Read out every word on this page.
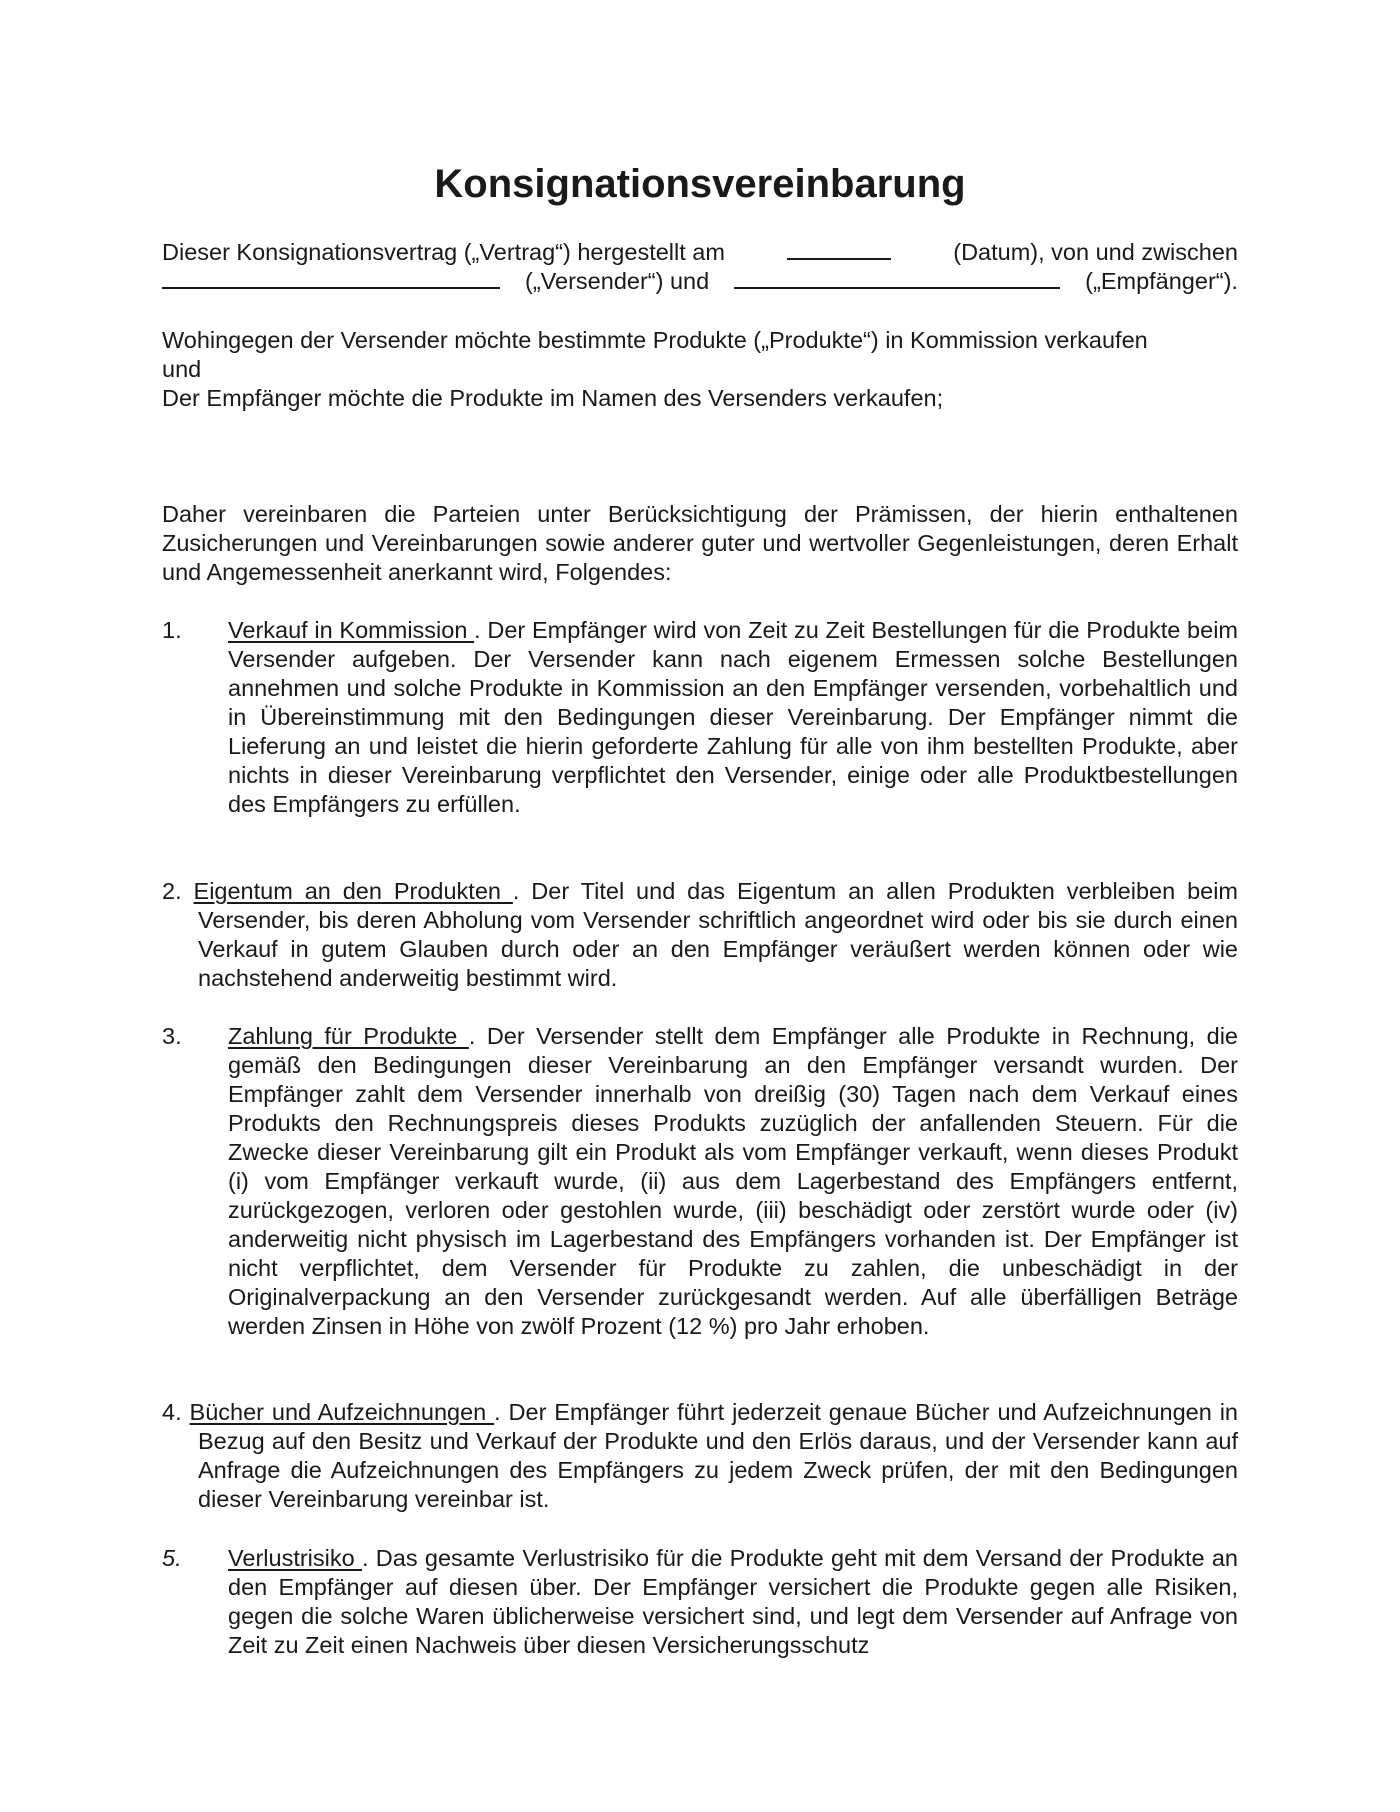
Konsignationsvereinbarung
Dieser Konsignationsvertrag („Vertrag“) hergestellt am	(Datum), von und zwischen
(„Versender“) und	(„Empfänger“).
Wohingegen der Versender möchte bestimmte Produkte („Produkte“) in Kommission verkaufen
und
Der Empfänger möchte die Produkte im Namen des Versenders verkaufen;

Daher vereinbaren die Parteien unter Berücksichtigung der Prämissen, der hierin enthaltenen Zusicherungen und Vereinbarungen sowie anderer guter und wertvoller Gegenleistungen, deren Erhalt und Angemessenheit anerkannt wird, Folgendes:

1. Verkauf in Kommission . Der Empfänger wird von Zeit zu Zeit Bestellungen für die Produkte beim Versender aufgeben. Der Versender kann nach eigenem Ermessen solche Bestellungen annehmen und solche Produkte in Kommission an den Empfänger versenden, vorbehaltlich und in Übereinstimmung mit den Bedingungen dieser Vereinbarung. Der Empfänger nimmt die Lieferung an und leistet die hierin geforderte Zahlung für alle von ihm bestellten Produkte, aber nichts in dieser Vereinbarung verpflichtet den Versender, einige oder alle Produktbestellungen des Empfängers zu erfüllen.
2. Eigentum an den Produkten . Der Titel und das Eigentum an allen Produkten verbleiben beim Versender, bis deren Abholung vom Versender schriftlich angeordnet wird oder bis sie durch einen Verkauf in gutem Glauben durch oder an den Empfänger veräußert werden können oder wie nachstehend anderweitig bestimmt wird.
3. Zahlung für Produkte . Der Versender stellt dem Empfänger alle Produkte in Rechnung, die gemäß den Bedingungen dieser Vereinbarung an den Empfänger versandt wurden. Der Empfänger zahlt dem Versender innerhalb von dreißig (30) Tagen nach dem Verkauf eines Produkts den Rechnungspreis dieses Produkts zuzüglich der anfallenden Steuern. Für die Zwecke dieser Vereinbarung gilt ein Produkt als vom Empfänger verkauft, wenn dieses Produkt (i) vom Empfänger verkauft wurde, (ii) aus dem Lagerbestand des Empfängers entfernt, zurückgezogen, verloren oder gestohlen wurde, (iii) beschädigt oder zerstört wurde oder (iv) anderweitig nicht physisch im Lagerbestand des Empfängers vorhanden ist. Der Empfänger ist nicht verpflichtet, dem Versender für Produkte zu zahlen, die unbeschädigt in der Originalverpackung an den Versender zurückgesandt werden. Auf alle überfälligen Beträge werden Zinsen in Höhe von zwölf Prozent (12 %) pro Jahr erhoben.
4. Bücher und Aufzeichnungen . Der Empfänger führt jederzeit genaue Bücher und Aufzeichnungen in Bezug auf den Besitz und Verkauf der Produkte und den Erlös daraus, und der Versender kann auf Anfrage die Aufzeichnungen des Empfängers zu jedem Zweck prüfen, der mit den Bedingungen dieser Vereinbarung vereinbar ist.
5. Verlustrisiko . Das gesamte Verlustrisiko für die Produkte geht mit dem Versand der Produkte an den Empfänger auf diesen über. Der Empfänger versichert die Produkte gegen alle Risiken, gegen die solche Waren üblicherweise versichert sind, und legt dem Versender auf Anfrage von Zeit zu Zeit einen Nachweis über diesen Versicherungsschutz
